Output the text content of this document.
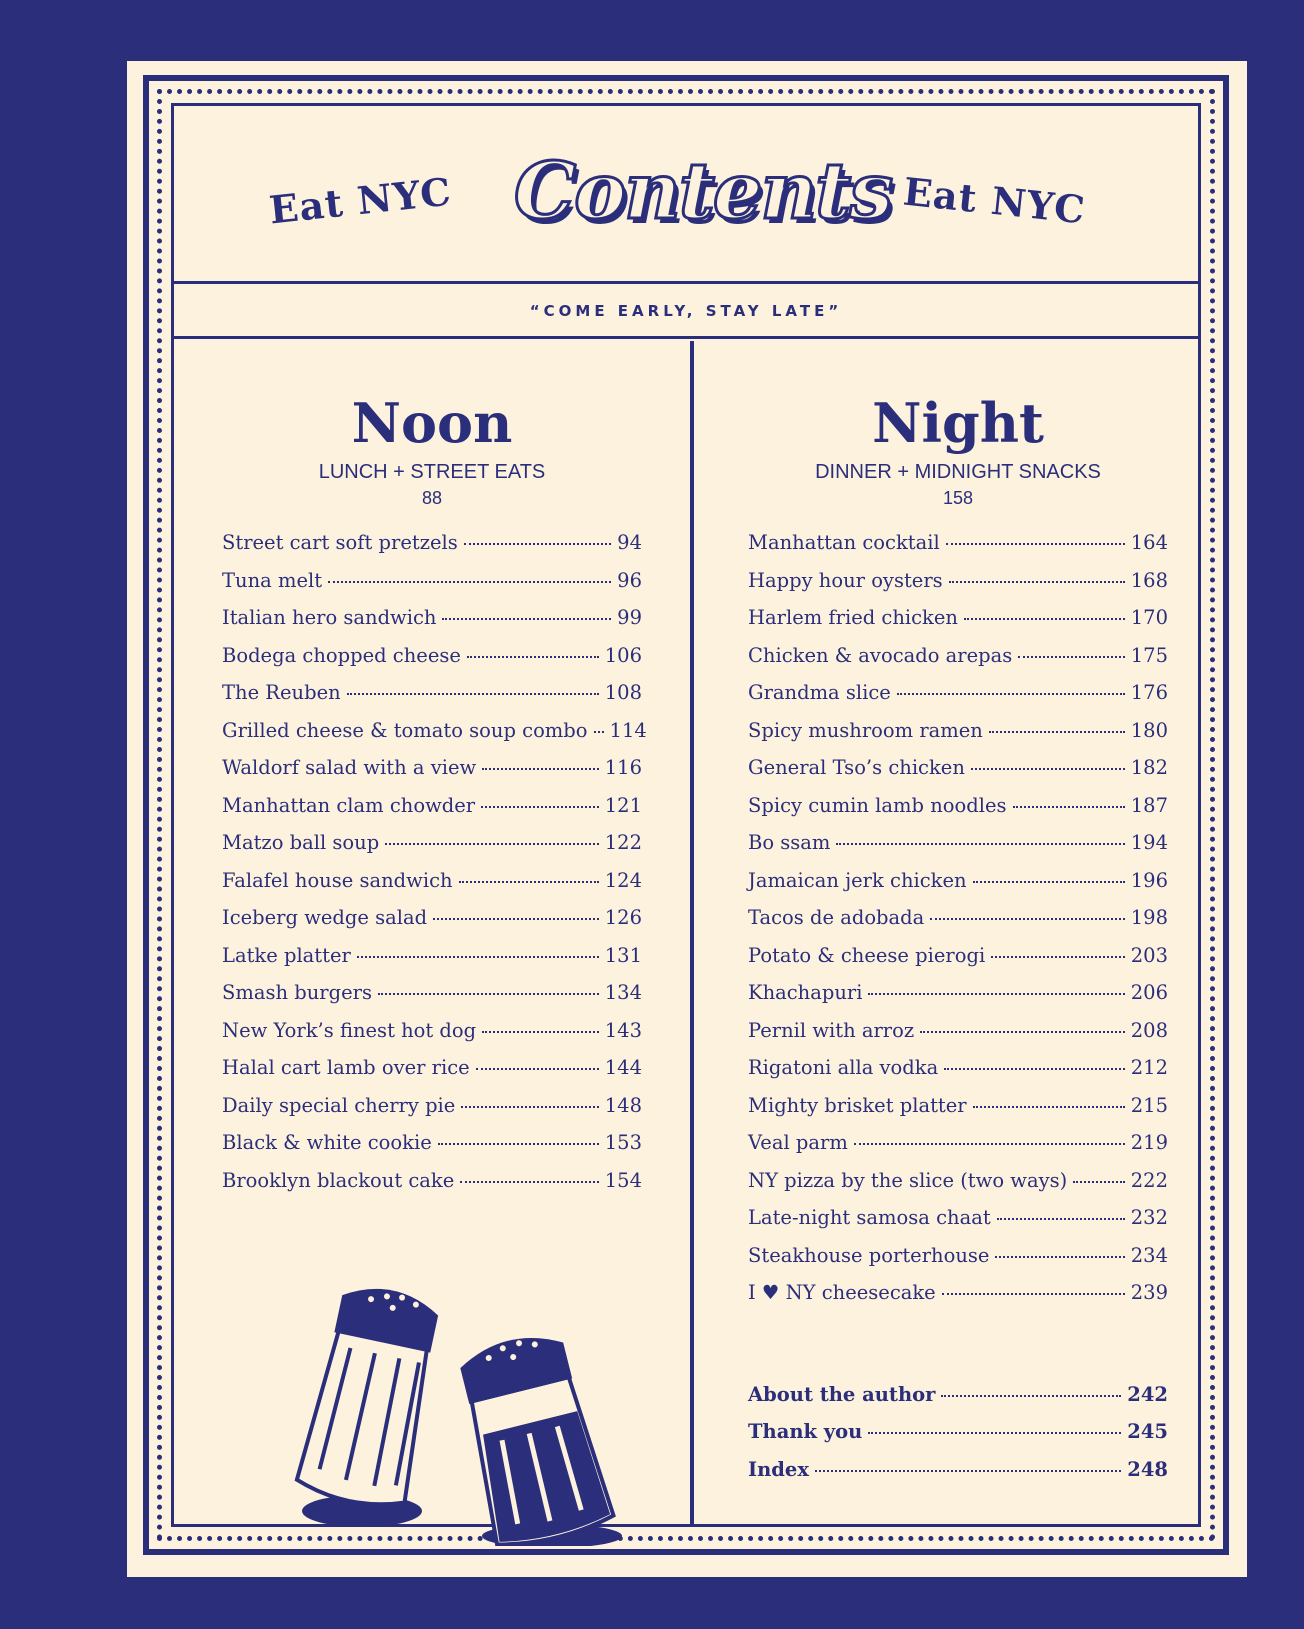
Eat NYC Contents Eat NYC
“COME EARLY, STAY LATE”
Noon
LUNCH + STREET EATS
88
Street cart soft pretzels	94
Tuna melt	96
Italian hero sandwich	99
Bodega chopped cheese	106
The Reuben	108
Grilled cheese & tomato soup combo 114
Waldorf salad with a view	116
Manhattan clam chowder	121
Matzo ball soup	122
Falafel house sandwich	124
Iceberg wedge salad	126
Latke platter	131
Smash burgers	134
New York’s finest hot dog	143
Halal cart lamb over rice	144
Daily special cherry pie	148
Black & white cookie	153
Brooklyn blackout cake	154
Night
DINNER + MIDNIGHT SNACKS
158
Manhattan cocktail	164
Happy hour oysters	168
Harlem fried chicken	170
Chicken & avocado arepas	175
Grandma slice	176
Spicy mushroom ramen	180
General Tso’s chicken	182
Spicy cumin lamb noodles	187
Bo ssam	194
Jamaican jerk chicken	196
Tacos de adobada	198
Potato & cheese pierogi	203
Khachapuri	206
Pernil with arroz	208
Rigatoni alla vodka	212
Mighty brisket platter	215
Veal parm	219
NY pizza by the slice (two ways)	222
Late-night samosa chaat	232
Steakhouse porterhouse	234
I ♥ NY cheesecake	239
About the author	242
Thank you	245
Index	248
